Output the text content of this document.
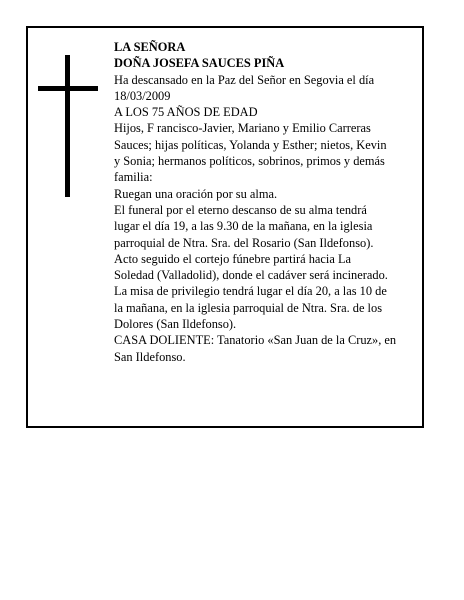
LA SEÑORA
DOÑA JOSEFA SAUCES PIÑA
Ha descansado en la Paz del Señor en Segovia el día
18/03/2009
A LOS 75 AÑOS DE EDAD
Hijos, F rancisco-Javier, Mariano y Emilio Carreras
Sauces; hijas políticas, Yolanda y Esther; nietos, Kevin
y Sonia; hermanos políticos, sobrinos, primos y demás
familia:
Ruegan una oración por su alma.
El funeral por el eterno descanso de su alma tendrá
lugar el día 19, a las 9.30 de la mañana, en la iglesia
parroquial de Ntra. Sra. del Rosario (San Ildefonso).
Acto seguido el cortejo fúnebre partirá hacia La
Soledad (Valladolid), donde el cadáver será incinerado.
La misa de privilegio tendrá lugar el día 20, a las 10 de
la mañana, en la iglesia parroquial de Ntra. Sra. de los
Dolores (San Ildefonso).
CASA DOLIENTE: Tanatorio «San Juan de la Cruz», en
San Ildefonso.
